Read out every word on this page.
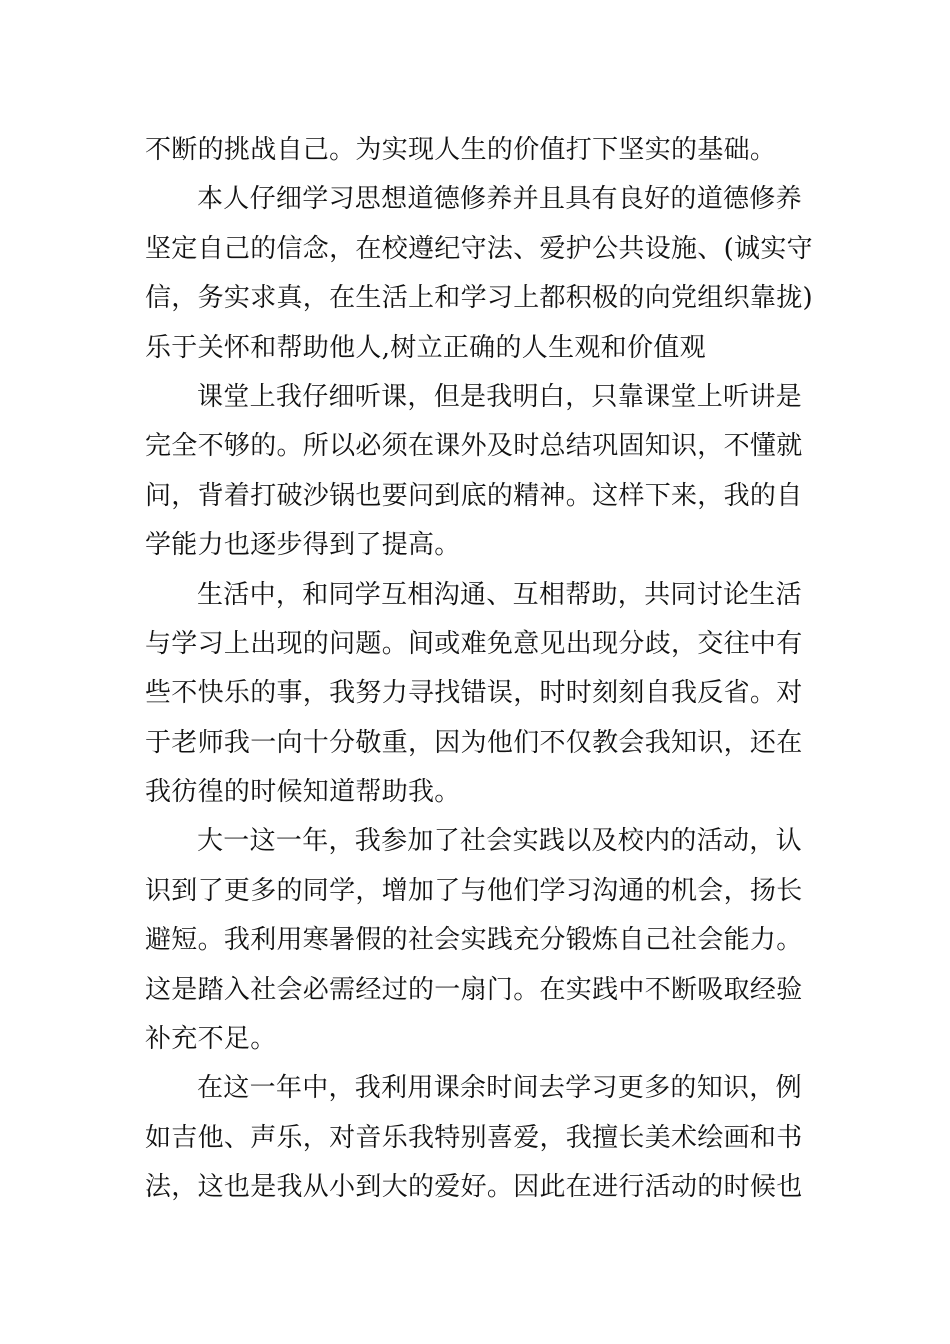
不断的挑战自己。为实现人生的价值打下坚实的基础。
本人仔细学习思想道德修养并且具有良好的道德修养
坚定自己的信念，在校遵纪守法、爱护公共设施、(诚实守
信，务实求真，在生活上和学习上都积极的向党组织靠拢)
乐于关怀和帮助他人,树立正确的人生观和价值观
课堂上我仔细听课，但是我明白，只靠课堂上听讲是
完全不够的。所以必须在课外及时总结巩固知识，不懂就
问，背着打破沙锅也要问到底的精神。这样下来，我的自
学能力也逐步得到了提高。
生活中，和同学互相沟通、互相帮助，共同讨论生活
与学习上出现的问题。间或难免意见出现分歧，交往中有
些不快乐的事，我努力寻找错误，时时刻刻自我反省。对
于老师我一向十分敬重，因为他们不仅教会我知识，还在
我彷徨的时候知道帮助我。
大一这一年，我参加了社会实践以及校内的活动，认
识到了更多的同学，增加了与他们学习沟通的机会，扬长
避短。我利用寒暑假的社会实践充分锻炼自己社会能力。
这是踏入社会必需经过的一扇门。在实践中不断吸取经验
补充不足。
在这一年中，我利用课余时间去学习更多的知识，例
如吉他、声乐，对音乐我特别喜爱，我擅长美术绘画和书
法，这也是我从小到大的爱好。因此在进行活动的时候也
